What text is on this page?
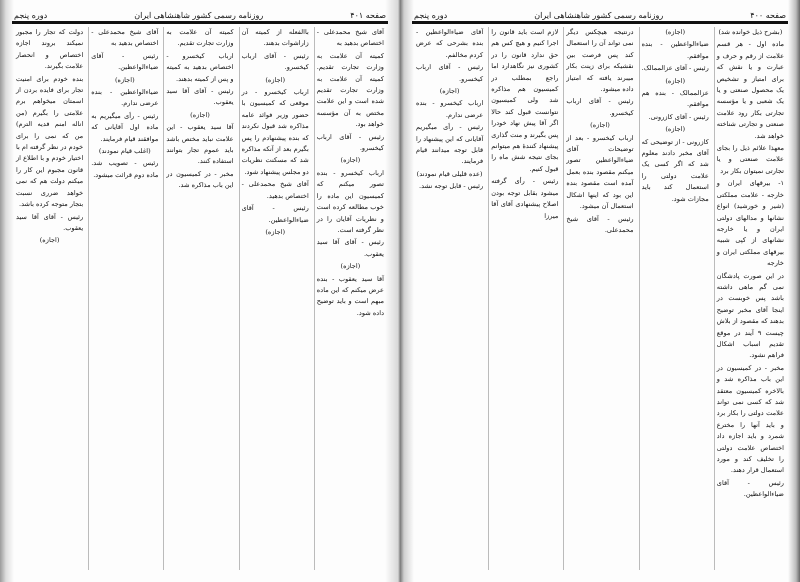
صفحه ۴۰۱
روزنامه رسمی کشور شاهنشاهی ایران
دوره پنجم

آقای شیخ محمدعلی - اختصاص بدهید به

کمیته آن علامت به وزارت تجارت تقدیم. کمیته آن علامت به وزارت تجارت تقدیم شده است و این علامت مختص به آن مؤسسه خواهد بود.

رئیس - آقای ارباب کیخسرو.

(اجازه)

ارباب کیخسرو - بنده تصور میکنم که کمیسیون این ماده را خوب مطالعه کرده است و نظریات آقایان را در نظر گرفته است.

رئیس - آقای آقا سید یعقوب.

(اجازه)

آقا سید یعقوب - بنده عرض میکنم که این ماده مبهم است و باید توضیح داده شود.

باالفعله از کمیته آن زاراشوات بدهند.

رئیس - آقای ارباب کیخسرو.

(اجازه)

ارباب کیخسرو - در موقعی که کمیسیون با حضور وزیر فوائد عامه مذاکره شد قبول نکردند که بنده پیشنهادم را پس بگیرم بعد از آنکه مذاکره شد که مسکنت نظریات دو مجلس پیشنهاد شود.

آقای شیخ محمدعلی - اختصاص بدهید.

رئیس - آقای ضیاءالواعظین.

(اجازه)

کمیته آن علامت به وزارت تجارت تقدیم.

ارباب کیخسرو - اختصاص بدهید به کمیته و پس از کمیته بدهند.

رئیس - آقای آقا سید یعقوب.

(اجازه)

آقا سید یعقوب - این علامت نباید مختص باشد باید عموم تجار بتوانند استفاده کنند.

مخبر - در کمیسیون در این باب مذاکره شد.

آقای شیخ محمدعلی - اختصاص بدهید به

رئیس - آقای ضیاءالواعظین.

(اجازه)

ضیاءالواعظین - بنده عرضی ندارم.

رئیس - رأی میگیریم به ماده اول آقایانی که موافقند قیام فرمایند.

(اغلب قیام نمودند)

رئیس - تصویب شد. ماده دوم قرائت میشود.

دولت که تجار را مجبور نمیکند بروند اجازه اختصاص و انحصار علامت بگیرند.

بنده خودم برای امنیت تجار برای فایده بردن از اسمتان میخواهم برم علامتی را بگیرم (من اناله امنم فدیه الترم) من که نمی را برای خودم در نظر گرفته ام با اختیار خودم و با اطلاع از قانون مجبوم این کار را میکنم دولت هم که نمی خواهد ضرری نسبت بتجار متوجه کرده باشد.

رئیس - آقای آقا سید یعقوب.

(اجازه)

صفحه ۴۰۰
روزنامه رسمی کشور شاهنشاهی ایران
دوره پنجم

(بشرح ذیل خوانده شد)

ماده اول - هر قسم علامت از رقم و حرف و عبارت و یا نقش که برای امتیاز و تشخیص یک محصول صنعتی و یا یک شعبی و یا مؤسسه تجارتی بکار رود علامت صنعتی و تجارتی شناخته خواهد شد.

معهذا علائم ذیل را بجای علامت صنعتی و یا تجارتی نمیتوان بکار برد

۱- بیرقهای ایران و خارجه - علامت مملکتی (شیر و خورشید) انواع نشانها و مدالهای دولتی ایران و یا خارجه نشانهای از کپی شبیه بیرقهای مملکتی ایران و خارجه

در این صورت پادشگان نمی گم ماهی داشته باشد پس خوبست در اینجا آقای مخبر توضیح بدهند که مقصود از بلاش چیست ۹ آیند در موقع تقدیم اسباب اشکال فراهم نشود.

مخبر - در کمیسیون در این باب مذاکره شد و بالاخره کمیسیون معتقد شد که کسی نمی تواند علامت دولتی را بکار برد و باید آنها را مخترع شمرد و باید اجازه داد اختصاص علامت دولتی را تخلیف کند و مورد استعمال قرار دهند.

رئیس - آقای ضیاءالواعظین.

(اجازه)

ضیاءالواعظین - بنده موافقم.

رئیس - آقای عزالممالک.

(اجازه)

عزالممالک - بنده هم موافقم.

رئیس - آقای کازرونی.

(اجازه)

کازرونی - از توضیحی که آقای مخبر دادند معلوم شد که اگر کسی یک علامت دولتی را استعمال کند باید مجازات شود.

درنتیجه هیچکس دیگر نمی تواند آن را استعمال کند پس فرصت بین نقشیکه برای زینت بکار میبرند یافته که امتیاز داده میشود.

رئیس - آقای ارباب کیخسرو.

(اجازه)

ارباب کیخسرو - بعد از توضیحات آقای ضیاءالواعظین تصور میکنم مقصود بنده بعمل آمده است مقصود بنده این بود که اینها اشکال استعمال آن میشود.

رئیس - آقای شیخ محمدعلی.

لازم است باید قانون را اجرا کنیم و هیچ کس هم حق ندارد قانون را در کشوری نیز نگاهدارد اما راجع بمطلب در کمیسیون هم مذاکره شد ولی کمیسیون نتوانست قبول کند حالا اگر آقا پیش نهاد خودرا پس بگیرند و منت گذاری پیشنهاد کنندهٔ هم میتوانم بجای نتیجه شش ماه را قبول کنیم.

رئیس - رأی گرفته میشود بقابل توجه بودن اصلاح پیشنهادی آقای آقا میرزا

آقای ضیاءالواعظین - بنده بشرحی که عرض کردم مخالفم.

رئیس - آقای ارباب کیخسرو.

(اجازه)

ارباب کیخسرو - بنده عرضی ندارم.

رئیس - رأی میگیریم آقایانی که این پیشنهاد را قابل توجه میدانند قیام فرمایند.

(عده قلیلی قیام نمودند)

رئیس - قابل توجه نشد.
